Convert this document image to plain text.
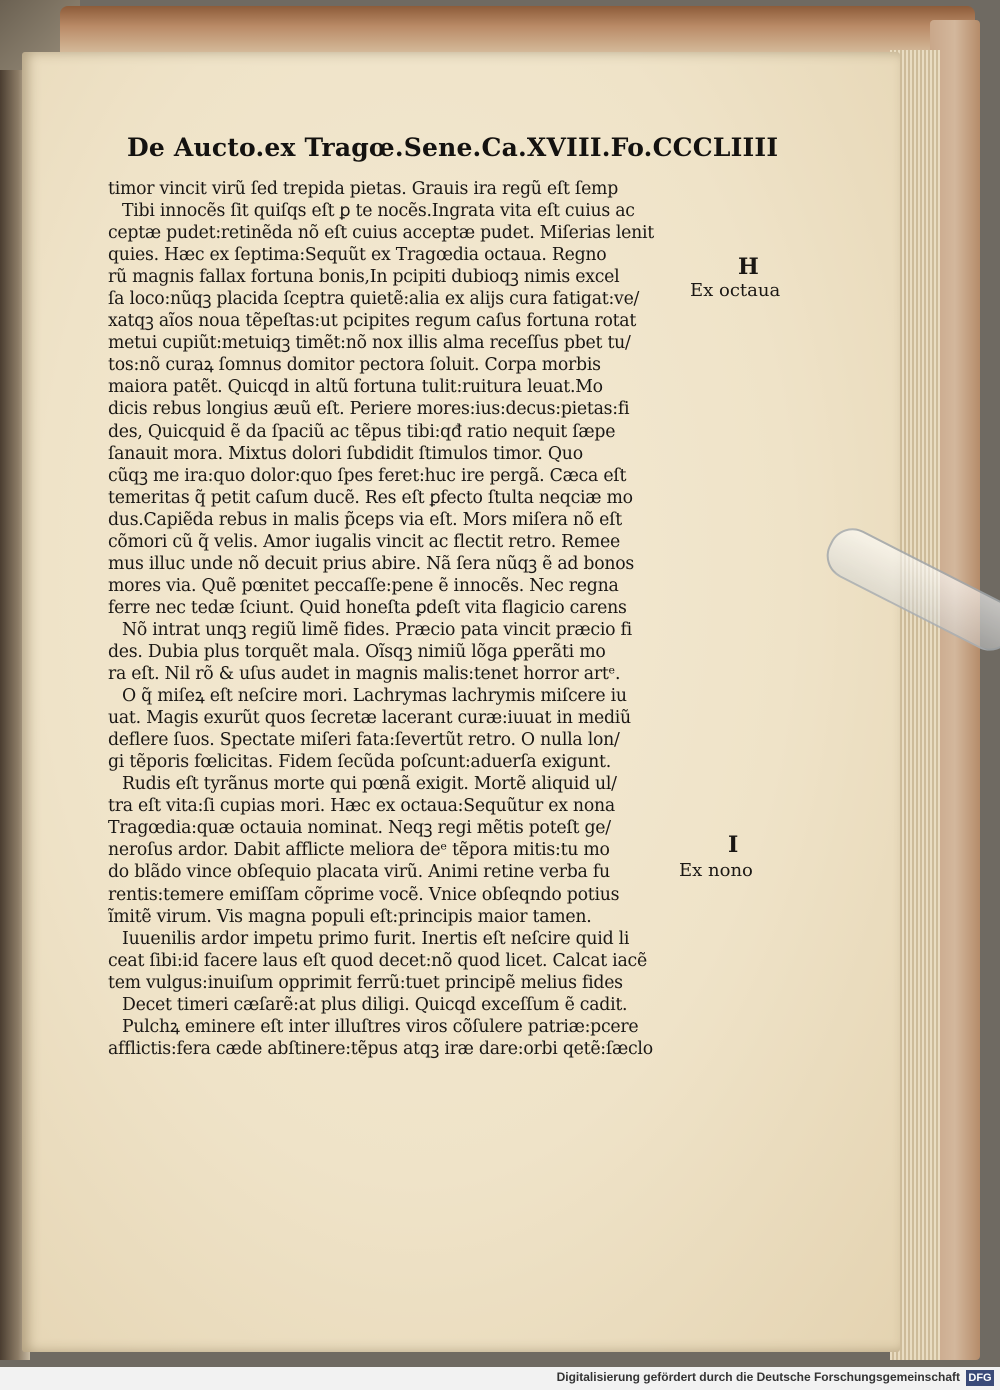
De Aucto.ex Tragœ.Sene.Ca.XVIII.Fo.CCCLIIII
timor vincit virũ ſed trepida pietas. Grauis ira regũ eſt ſemp
Tibi innocẽs ſit quiſqs eſt ꝑ te nocẽs.Ingrata vita eſt cuius ac
ceptæ pudet:retinẽda nõ eſt cuius acceptæ pudet. Miſerias lenit
quies. Hæc ex ſeptima:Sequũt ex Tragœdia octaua. Regno
rũ magnis fallax fortuna bonis,In pcipiti dubioqꝫ nimis excel
ſa loco:nũqꝫ placida ſceptra quietẽ:alia ex alijs cura fatigat:ve/
xatqꝫ aĩos noua tẽpeſtas:ut pcipites regum caſus fortuna rotat
metui cupiũt:metuiqꝫ timẽt:nõ nox illis alma receſſus pbet tu/
tos:nõ curaꝝ ſomnus domitor pectora ſoluit. Corpa morbis
maiora patẽt. Quicqd in altũ fortuna tulit:ruitura leuat.Mo
dicis rebus longius æuũ eſt. Periere mores:ius:decus:pietas:fi
des, Quicquid ẽ da ſpaciũ ac tẽpus tibi:qđ ratio nequit ſæpe
ſanauit mora. Mixtus dolori ſubdidit ſtimulos timor. Quo
cũqꝫ me ira:quo dolor:quo ſpes feret:huc ire pergã. Cæca eſt
temeritas q̃ petit caſum ducẽ. Res eſt ꝑfecto ſtulta neqciæ mo
dus.Capiẽda rebus in malis p̃ceps via eſt. Mors miſera nõ eſt
cõmori cũ q̃ velis. Amor iugalis vincit ac flectit retro. Remee
mus illuc unde nõ decuit prius abire. Nã ſera nũqꝫ ẽ ad bonos
mores via. Quẽ pœnitet peccaſſe:pene ẽ innocẽs. Nec regna
ferre nec tedæ ſciunt. Quid honeſta ꝑdeſt vita flagicio carens
Nõ intrat unqꝫ regiũ limẽ fides. Præcio pata vincit præcio fi
des. Dubia plus torquẽt mala. Oĩsqꝫ nimiũ lõga ꝑperãti mo
ra eſt. Nil rõ & uſus audet in magnis malis:tenet horror artᵉ.
O q̃ miſeꝝ eſt neſcire mori. Lachrymas lachrymis miſcere iu
uat. Magis exurũt quos ſecretæ lacerant curæ:iuuat in mediũ
deflere ſuos. Spectate miſeri fata:ſevertũt retro. O nulla lon/
gi tẽporis fœlicitas. Fidem ſecũda poſcunt:aduerſa exigunt.
Rudis eſt tyrãnus morte qui pœnã exigit. Mortẽ aliquid ul/
tra eſt vita:ſi cupias mori. Hæc ex octaua:Sequũtur ex nona
Tragœdia:quæ octauia nominat. Neqꝫ regi mẽtis poteſt ge/
neroſus ardor. Dabit afflicte meliora deᵉ tẽpora mitis:tu mo
do blãdo vince obſequio placata virũ. Animi retine verba fu
rentis:temere emiſſam cõprime vocẽ. Vnice obſeqndo potius
ĩmitẽ virum. Vis magna populi eſt:principis maior tamen.
Iuuenilis ardor impetu primo furit. Inertis eſt neſcire quid li
ceat ſibi:id facere laus eſt quod decet:nõ quod licet. Calcat iacẽ
tem vulgus:inuiſum opprimit ferrũ:tuet principẽ melius fides
Decet timeri cæſarẽ:at plus diligi. Quicqd exceſſum ẽ cadit.
Pulchꝝ eminere eſt inter illuſtres viros cõſulere patriæ:pcere
afflictis:fera cæde abſtinere:tẽpus atqꝫ iræ dare:orbi qetẽ:ſæclo
H
Ex octaua
I
Ex nono
Digitalisierung gefördert durch die Deutsche Forschungsgemeinschaft DFG
